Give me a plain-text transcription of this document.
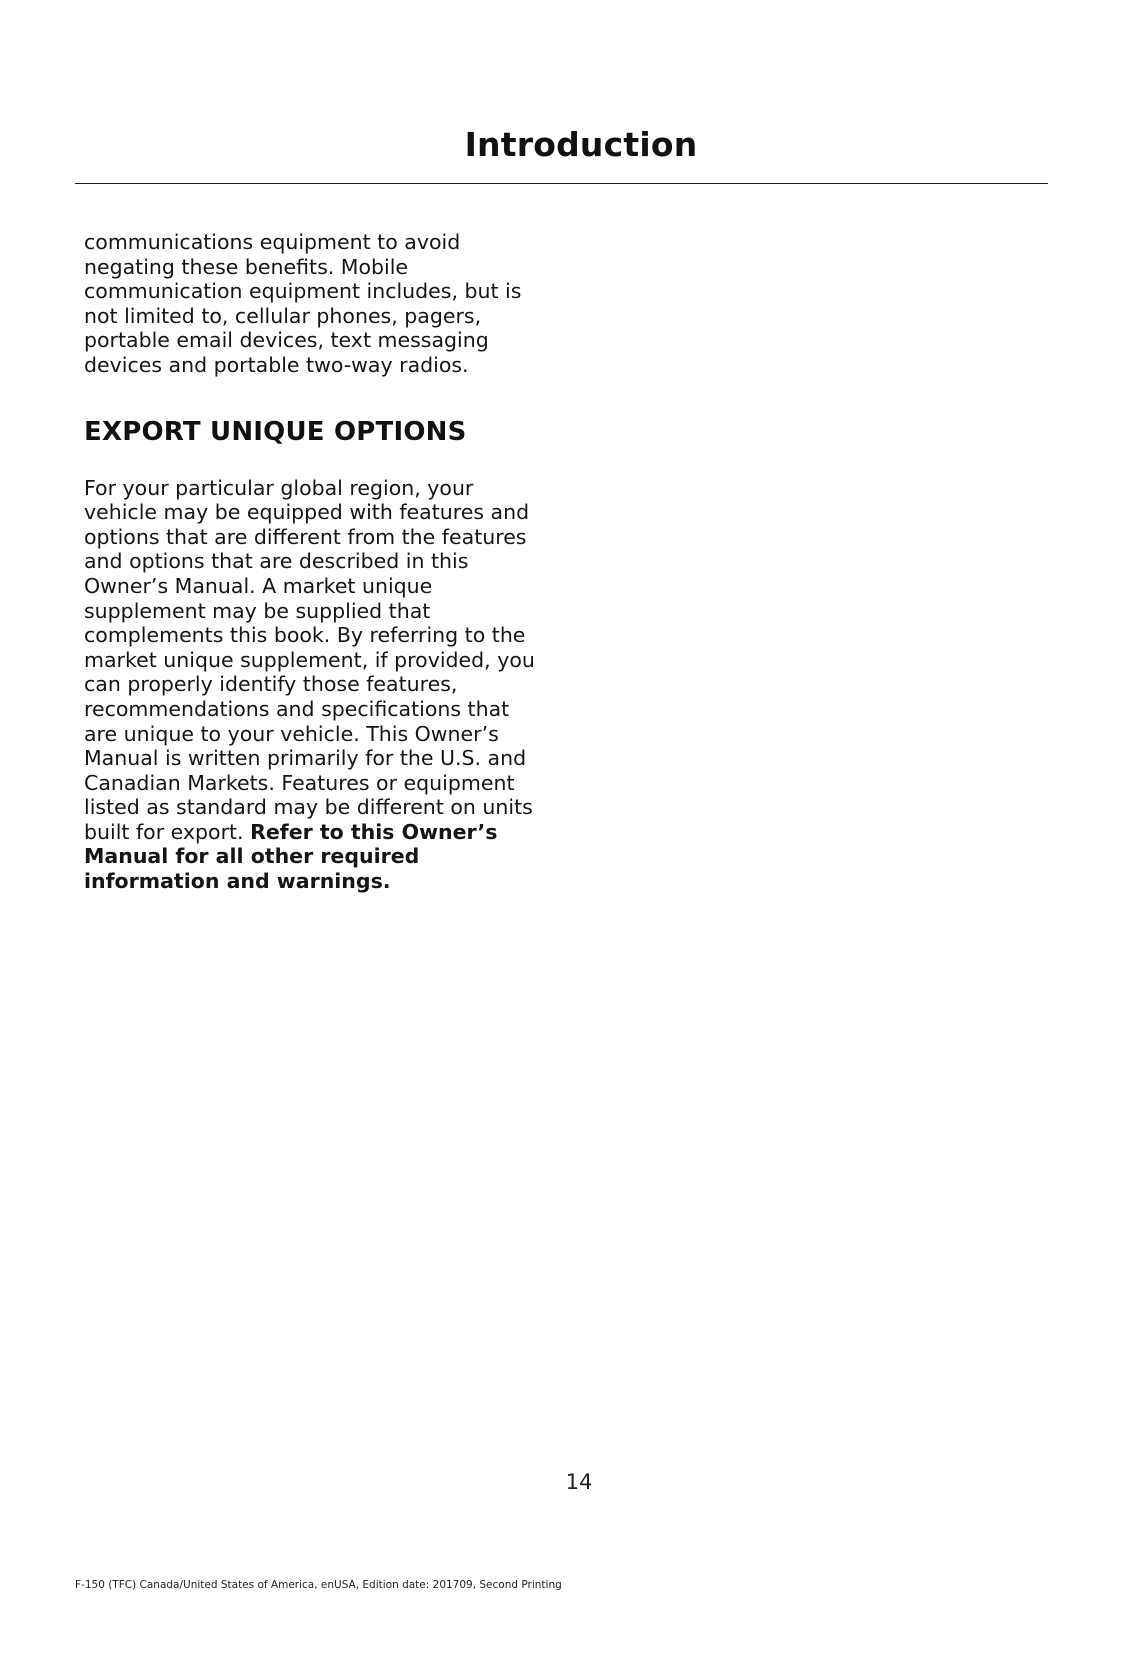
Introduction

communications equipment to avoid negating these benefits. Mobile communication equipment includes, but is not limited to, cellular phones, pagers, portable email devices, text messaging devices and portable two-way radios.

EXPORT UNIQUE OPTIONS

For your particular global region, your vehicle may be equipped with features and options that are different from the features and options that are described in this Owner’s Manual. A market unique supplement may be supplied that complements this book. By referring to the market unique supplement, if provided, you can properly identify those features, recommendations and specifications that are unique to your vehicle. This Owner’s Manual is written primarily for the U.S. and Canadian Markets. Features or equipment listed as standard may be different on units built for export. Refer to this Owner’s Manual for all other required information and warnings.

14
F-150 (TFC) Canada/United States of America, enUSA, Edition date: 201709, Second Printing
